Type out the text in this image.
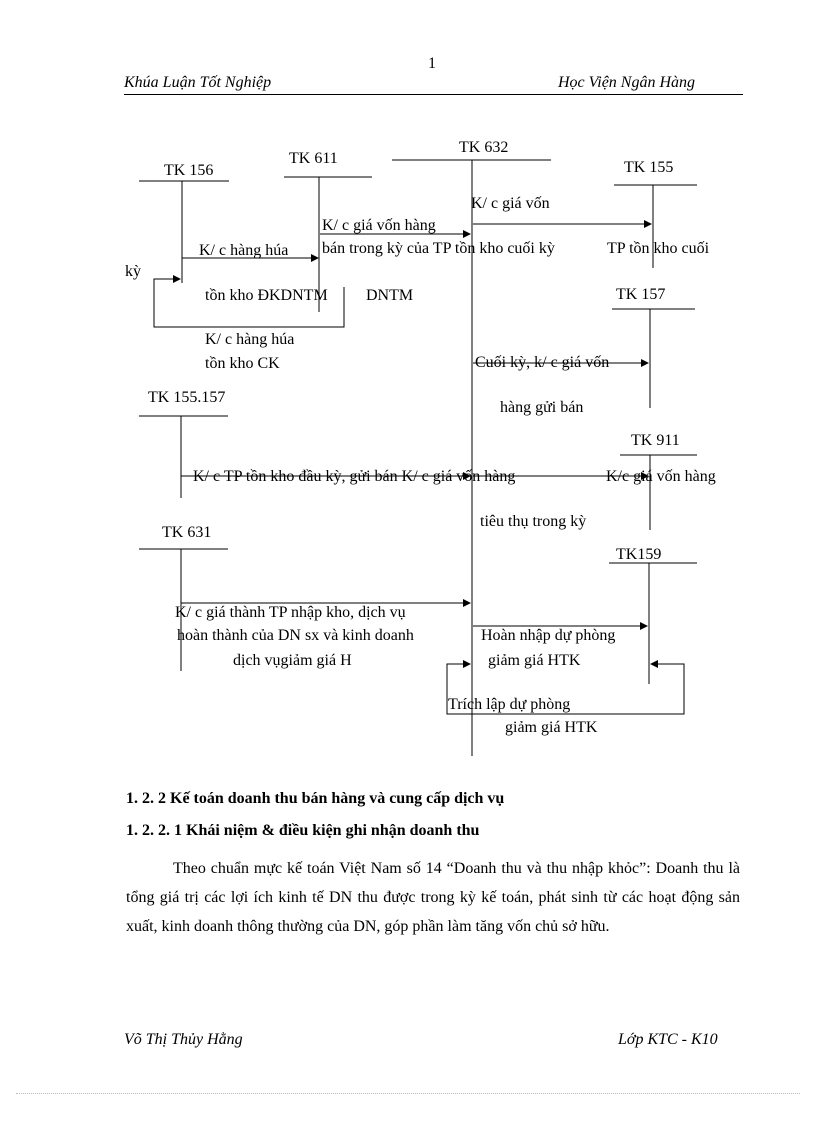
1
Khúa Luận Tốt Nghiệp	Học Viện Ngân Hàng
TK 156
TK 611
TK 632
TK 155
TK 157
TK 155.157
TK 911
TK 631
TK159
K/ c hàng húa
tồn kho ĐKDNTM DNTM
kỳ
K/ c hàng húa
tồn kho CK
K/ c giá vốn hàng
bán trong kỳ của TP tồn kho cuối kỳ
K/ c giá vốn
TP tồn kho cuối
Cuối kỳ, k/ c giá vốn
hàng gửi bán
K/ c TP tồn kho đầu kỳ, gửi bán K/ c giá vốn hàng	K/c giá vốn hàng
tiêu thụ trong kỳ
K/ c giá thành TP nhập kho, dịch vụ
hoàn thành của DN sx và kinh doanh
dịch vụgiảm giá H
Hoàn nhập dự phòng
giảm giá HTK
Trích lập dự phòng
giảm giá HTK
1. 2. 2 Kế toán doanh thu bán hàng và cung cấp dịch vụ
1. 2. 2. 1 Khái niệm & điều kiện ghi nhận doanh thu

Theo chuẩn mực kế toán Việt Nam số 14 “Doanh thu và thu nhập khỏc”: Doanh thu là tổng giá trị các lợi ích kinh tế DN thu được trong kỳ kế toán, phát sinh từ các hoạt động sản xuất, kinh doanh thông thường của DN, góp phần làm tăng vốn chủ sở hữu.

Võ Thị Thủy Hằng	Lớp KTC - K10
